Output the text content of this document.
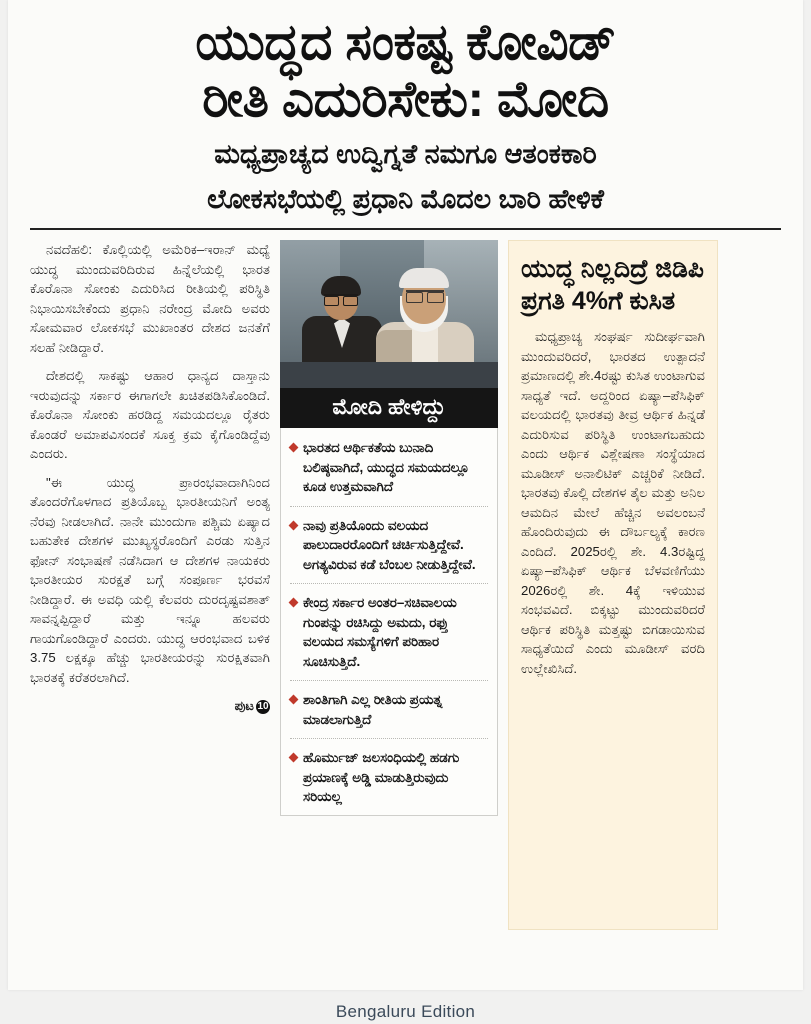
ಯುದ್ಧದ ಸಂಕಷ್ಟ ಕೋವಿಡ್
ರೀತಿ ಎದುರಿಸೇಕು: ಮೋದಿ
ಮಧ್ಯಪ್ರಾಚ್ಯದ ಉದ್ವಿಗ್ನತೆ ನಮಗೂ ಆತಂಕಕಾರಿ
ಲೋಕಸಭೆಯಲ್ಲಿ ಪ್ರಧಾನಿ ಮೊದಲ ಬಾರಿ ಹೇಳಿಕೆ

ನವದೆಹಲಿ: ಕೊಲ್ಲಿಯಲ್ಲಿ ಅಮೆರಿಕ–ಇರಾನ್ ಮಧ್ಯೆ ಯುದ್ಧ ಮುಂದುವರಿದಿರುವ ಹಿನ್ನೆಲೆಯಲ್ಲಿ ಭಾರತ ಕೊರೊನಾ ಸೋಂಕು ಎದುರಿಸಿದ ರೀತಿಯಲ್ಲಿ ಪರಿಸ್ಥಿತಿ ನಿಭಾಯಿಸಬೇಕೆಂದು ಪ್ರಧಾನಿ ನರೇಂದ್ರ ಮೋದಿ ಅವರು ಸೋಮವಾರ ಲೋಕಸಭೆ ಮುಖಾಂತರ ದೇಶದ ಜನತೆಗೆ ಸಲಹೆ ನೀಡಿದ್ದಾರೆ.

ದೇಶದಲ್ಲಿ ಸಾಕಷ್ಟು ಆಹಾರ ಧಾನ್ಯದ ದಾಸ್ತಾನು ಇರುವುದನ್ನು ಸರ್ಕಾರ ಈಗಾಗಲೇ ಖಚಿತಪಡಿಸಿಕೊಂಡಿದೆ. ಕೊರೊನಾ ಸೋಂಕು ಹರಡಿದ್ದ ಸಮಯದಲ್ಲೂ ರೈತರು ಕೊಂಡರೆ ಅಮಾಪವಿಸಂದಕೆ ಸೂಕ್ತ ಕ್ರಮ ಕೈಗೊಂಡಿದ್ದೆವು ಎಂದರು.

"ಈ ಯುದ್ಧ ಪ್ರಾರಂಭವಾದಾಗಿನಿಂದ ತೊಂದರೆಗೊಳಗಾದ ಪ್ರತಿಯೊಬ್ಬ ಭಾರತೀಯನಿಗೆ ಅಂತ್ಯ ನೆರವು ನೀಡಲಾಗಿದೆ. ನಾನೇ ಮುಂದುಗಾ ಪಶ್ಚಿಮ ಏಷ್ಯಾದ ಬಹುತೇಕ ದೇಶಗಳ ಮುಖ್ಯಸ್ಥರೊಂದಿಗೆ ಎರಡು ಸುತ್ತಿನ ಫೋನ್ ಸಂಭಾಷಣೆ ನಡೆಸಿದಾಗ ಆ ದೇಶಗಳ ನಾಯಕರು ಭಾರತೀಯರ ಸುರಕ್ಷತೆ ಬಗ್ಗೆ ಸಂಪೂರ್ಣ ಭರವಸೆ ನೀಡಿದ್ದಾರೆ. ಈ ಅವಧಿ ಯಲ್ಲಿ ಕೆಲವರು ದುರದೃಷ್ಟವಶಾತ್ ಸಾವನ್ನಪ್ಪಿದ್ದಾರೆ ಮತ್ತು ಇನ್ನೂ ಹಲವರು ಗಾಯಗೊಂಡಿದ್ದಾರೆ ಎಂದರು. ಯುದ್ಧ ಆರಂಭವಾದ ಬಳಿಕ 3.75 ಲಕ್ಷಕ್ಕೂ ಹೆಚ್ಚು ಭಾರತೀಯರನ್ನು ಸುರಕ್ಷಿತವಾಗಿ ಭಾರತಕ್ಕೆ ಕರೆತರಲಾಗಿದೆ.

ಪುಟ 10

ಮೋದಿ ಹೇಳಿದ್ದು
ಭಾರತದ ಆರ್ಥಿಕತೆಯ ಬುನಾದಿ ಬಲಿಷ್ಠವಾಗಿದೆ, ಯುದ್ಧದ ಸಮಯದಲ್ಲೂ ಕೂಡ ಉತ್ತಮವಾಗಿದೆ
ನಾವು ಪ್ರತಿಯೊಂದು ವಲಯದ ಪಾಲುದಾರರೊಂದಿಗೆ ಚರ್ಚಿಸುತ್ತಿದ್ದೇವೆ. ಅಗತ್ಯವಿರುವ ಕಡೆ ಬೆಂಬಲ ನೀಡುತ್ತಿದ್ದೇವೆ.
ಕೇಂದ್ರ ಸರ್ಕಾರ ಅಂತರ–ಸಚಿವಾಲಯ ಗುಂಪನ್ನು ರಚಿಸಿದ್ದು ಅಮದು, ರಫ್ತು ವಲಯದ ಸಮಸ್ಯೆಗಳಿಗೆ ಪರಿಹಾರ ಸೂಚಿಸುತ್ತಿದೆ.
ಶಾಂತಿಗಾಗಿ ಎಲ್ಲ ರೀತಿಯ ಪ್ರಯತ್ನ ಮಾಡಲಾಗುತ್ತಿದೆ
ಹೊರ್ಮುಜ್ ಜಲಸಂಧಿಯಲ್ಲಿ ಹಡಗು ಪ್ರಯಾಣಕ್ಕೆ ಅಡ್ಡಿ ಮಾಡುತ್ತಿರುವುದು ಸರಿಯಲ್ಲ
ಯುದ್ಧ ನಿಲ್ಲದಿದ್ರೆ ಜಿಡಿಪಿ ಪ್ರಗತಿ 4%ಗೆ ಕುಸಿತ

ಮಧ್ಯಪ್ರಾಚ್ಯ ಸಂಘರ್ಷ ಸುದೀರ್ಘವಾಗಿ ಮುಂದುವರಿದರೆ, ಭಾರತದ ಉತ್ಪಾದನೆ ಪ್ರಮಾಣದಲ್ಲಿ ಶೇ.4ರಷ್ಟು ಕುಸಿತ ಉಂಟಾಗುವ ಸಾಧ್ಯತೆ ಇದೆ. ಅದ್ದರಿಂದ ಏಷ್ಯಾ–ಪೆಸಿಫಿಕ್ ವಲಯದಲ್ಲಿ ಭಾರತವು ತೀವ್ರ ಆರ್ಥಿಕ ಹಿನ್ನಡೆ ಎದುರಿಸುವ ಪರಿಸ್ಥಿತಿ ಉಂಟಾಗಬಹುದು ಎಂದು ಆರ್ಥಿಕ ವಿಶ್ಲೇಷಣಾ ಸಂಸ್ಥೆಯಾದ ಮೂಡೀಸ್ ಅನಾಲಿಟಿಕ್ ಎಚ್ಚರಿಕೆ ನೀಡಿದೆ. ಭಾರತವು ಕೊಲ್ಲಿ ದೇಶಗಳ ತೈಲ ಮತ್ತು ಅನಿಲ ಆಮದಿನ ಮೇಲೆ ಹೆಚ್ಚಿನ ಅವಲಂಬನೆ ಹೊಂದಿರುವುದು ಈ ದೌರ್ಬಲ್ಯಕ್ಕೆ ಕಾರಣ ಎಂದಿದೆ. 2025ರಲ್ಲಿ ಶೇ. 4.3ರಷ್ಟಿದ್ದ ಏಷ್ಯಾ–ಪೆಸಿಫಿಕ್ ಆರ್ಥಿಕ ಬೆಳವಣಿಗೆಯು 2026ರಲ್ಲಿ ಶೇ. 4ಕ್ಕೆ ಇಳಿಯುವ ಸಂಭವವಿದೆ. ಬಿಕ್ಕಟ್ಟು ಮುಂದುವರಿದರೆ ಆರ್ಥಿಕ ಪರಿಸ್ಥಿತಿ ಮತ್ತಷ್ಟು ಬಿಗಡಾಯಿಸುವ ಸಾಧ್ಯತೆಯಿದೆ ಎಂದು ಮೂಡೀಸ್ ವರದಿ ಉಲ್ಲೇಖಿಸಿದೆ.

Bengaluru Edition
